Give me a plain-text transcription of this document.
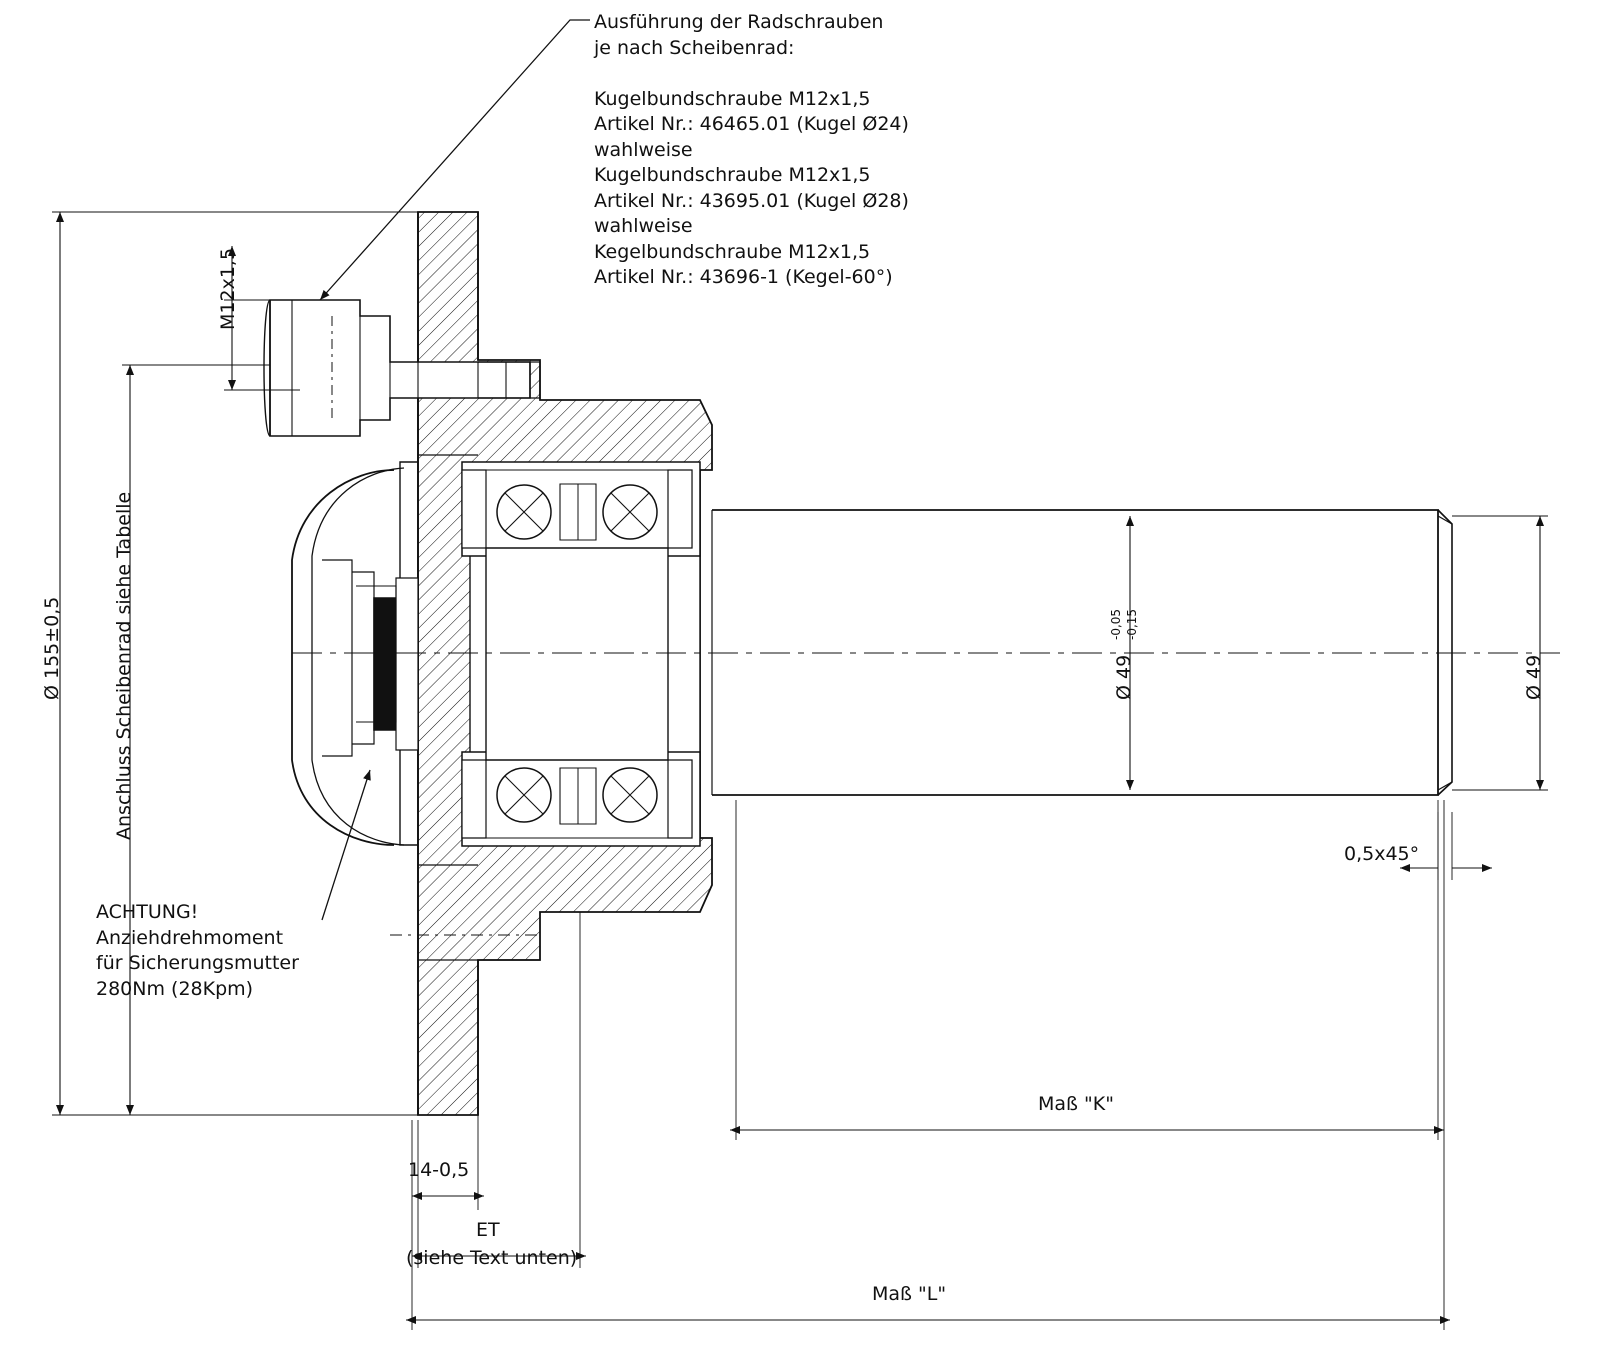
Ausführung der Radschrauben
je nach Scheibenrad:

Kugelbundschraube M12x1,5
Artikel Nr.: 46465.01 (Kugel Ø24)
wahlweise
Kugelbundschraube M12x1,5
Artikel Nr.: 43695.01 (Kugel Ø28)
wahlweise
Kegelbundschraube M12x1,5
Artikel Nr.: 43696-1 (Kegel-60°)
ACHTUNG!
Anziehdrehmoment
für Sicherungsmutter
280Nm (28Kpm)
Ø 155±0,5	Anschluss Scheibenrad siehe Tabelle
M12x1,5
Ø 49
-0,05 -0,15
Ø 49
0,5x45°
14-0,5
ET
(siehe Text unten)
Maß "K"
Maß "L"
